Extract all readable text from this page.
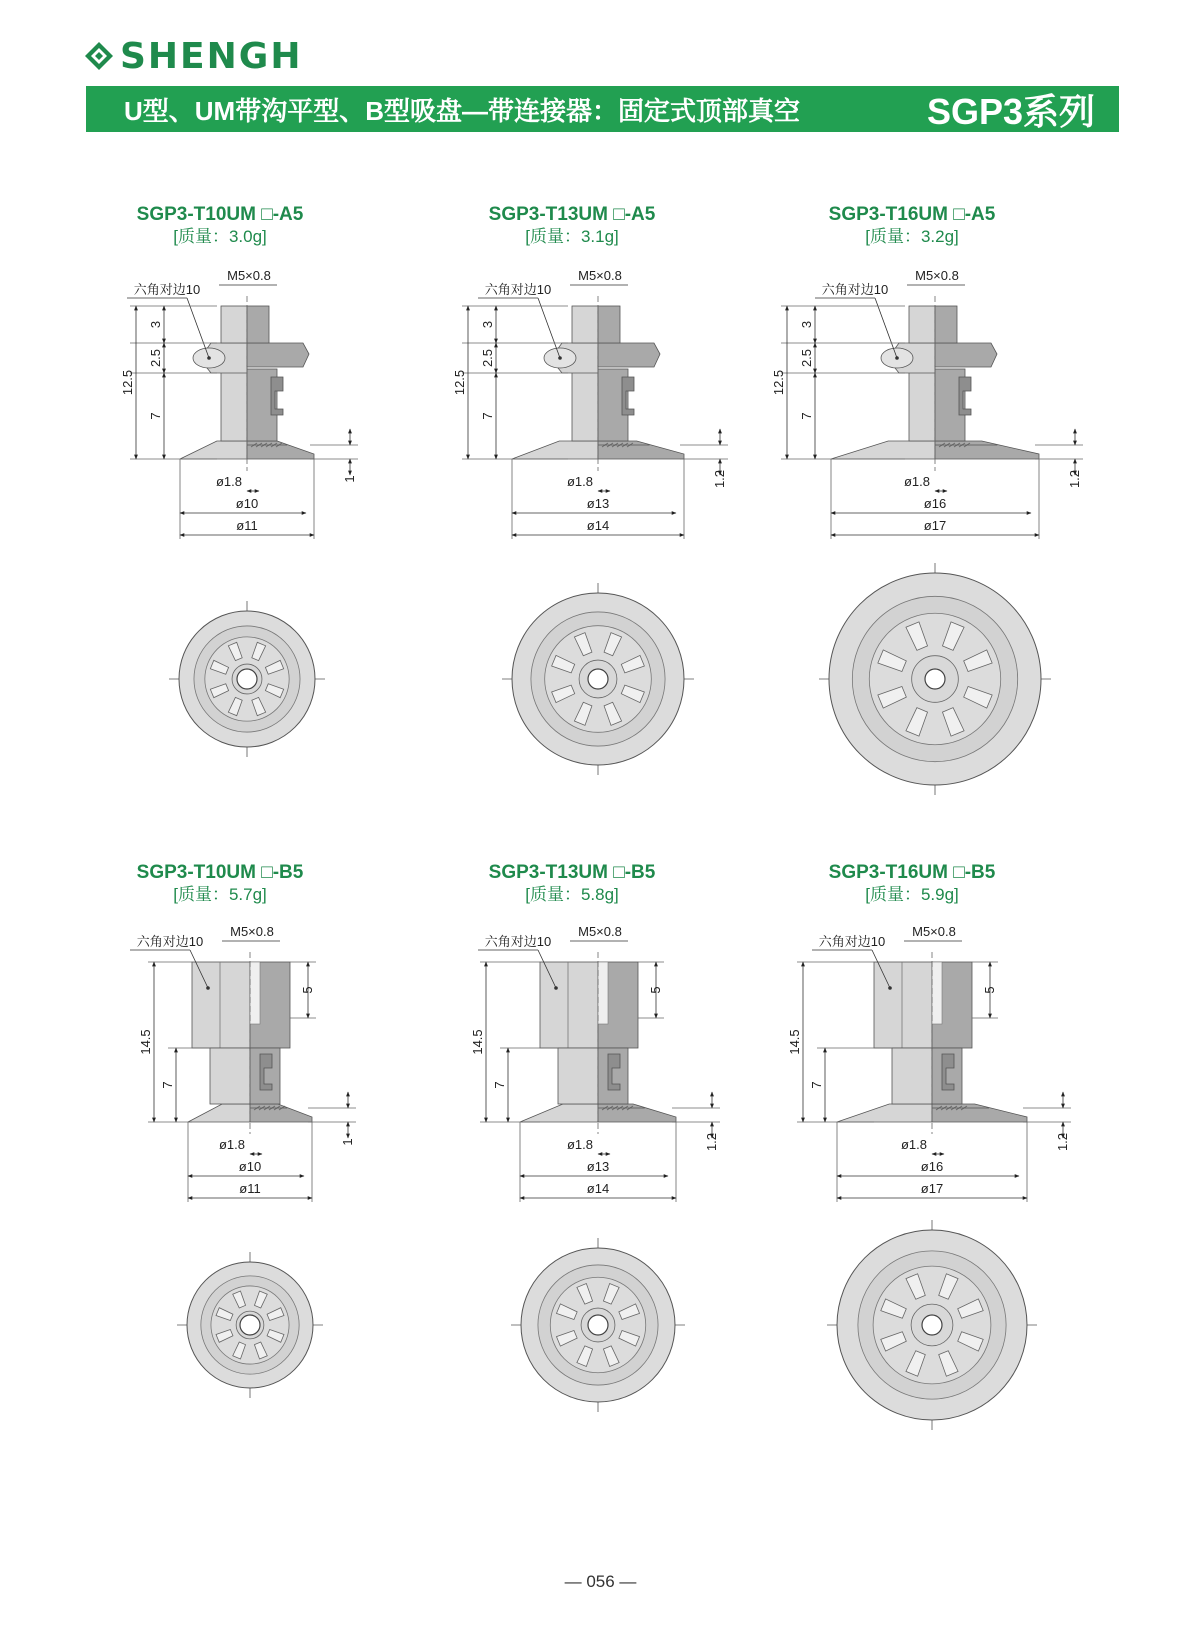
SHENGH
U型、UM带沟平型、B型吸盘—带连接器：固定式顶部真空	SGP3系列
SGP3-T10UM □-A5
[质量：3.0g]
SGP3-T13UM □-A5
[质量：3.1g]
SGP3-T16UM □-A5
[质量：3.2g]
SGP3-T10UM □-B5
[质量：5.7g]
SGP3-T13UM □-B5
[质量：5.8g]
SGP3-T16UM □-B5
[质量：5.9g]
六角对边10
M5×0.8
ø1.8
ø10
ø11
1
12.5
3
2.5
7
六角对边10
M5×0.8
ø1.8
ø13
ø14
1.2
12.5
3
2.5
7
六角对边10
M5×0.8
ø1.8
ø16
ø17
1.2
12.5
3
2.5
7
六角对边10
M5×0.8
ø1.8
ø10
ø11
1
14.5
7
5
六角对边10
M5×0.8
ø1.8
ø13
ø14
1.2
14.5
7
5
六角对边10
M5×0.8
ø1.8
ø16
ø17
1.2
14.5
7
5
— 056 —
